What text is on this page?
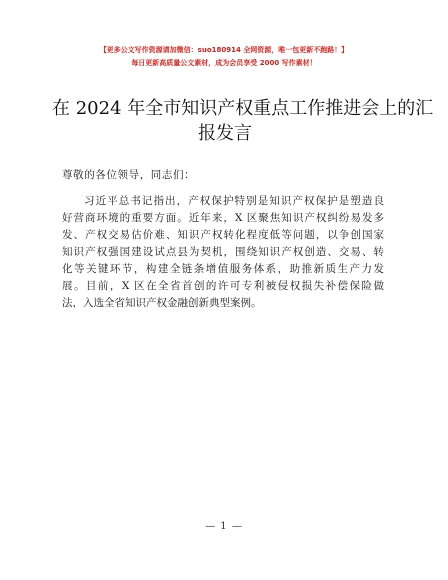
【更多公文写作资源请加微信：suo180914 全网资源，唯一包更新不跑路！】
每日更新高质量公文素材，成为会员享受 2000 写作素材！
在 2024 年全市知识产权重点工作推进会上的汇
报发言
尊敬的各位领导，同志们：
习近平总书记指出，产权保护特别是知识产权保护是塑造良
好营商环境的重要方面。近年来，X 区聚焦知识产权纠纷易发多
发、产权交易估价难、知识产权转化程度低等问题，以争创国家
知识产权强国建设试点县为契机，围绕知识产权创造、交易、转
化等关键环节，构建全链条增值服务体系，助推新质生产力发
展。目前，X 区在全省首创的许可专利被侵权损失补偿保险做
法，入选全省知识产权金融创新典型案例。
— 1 —
